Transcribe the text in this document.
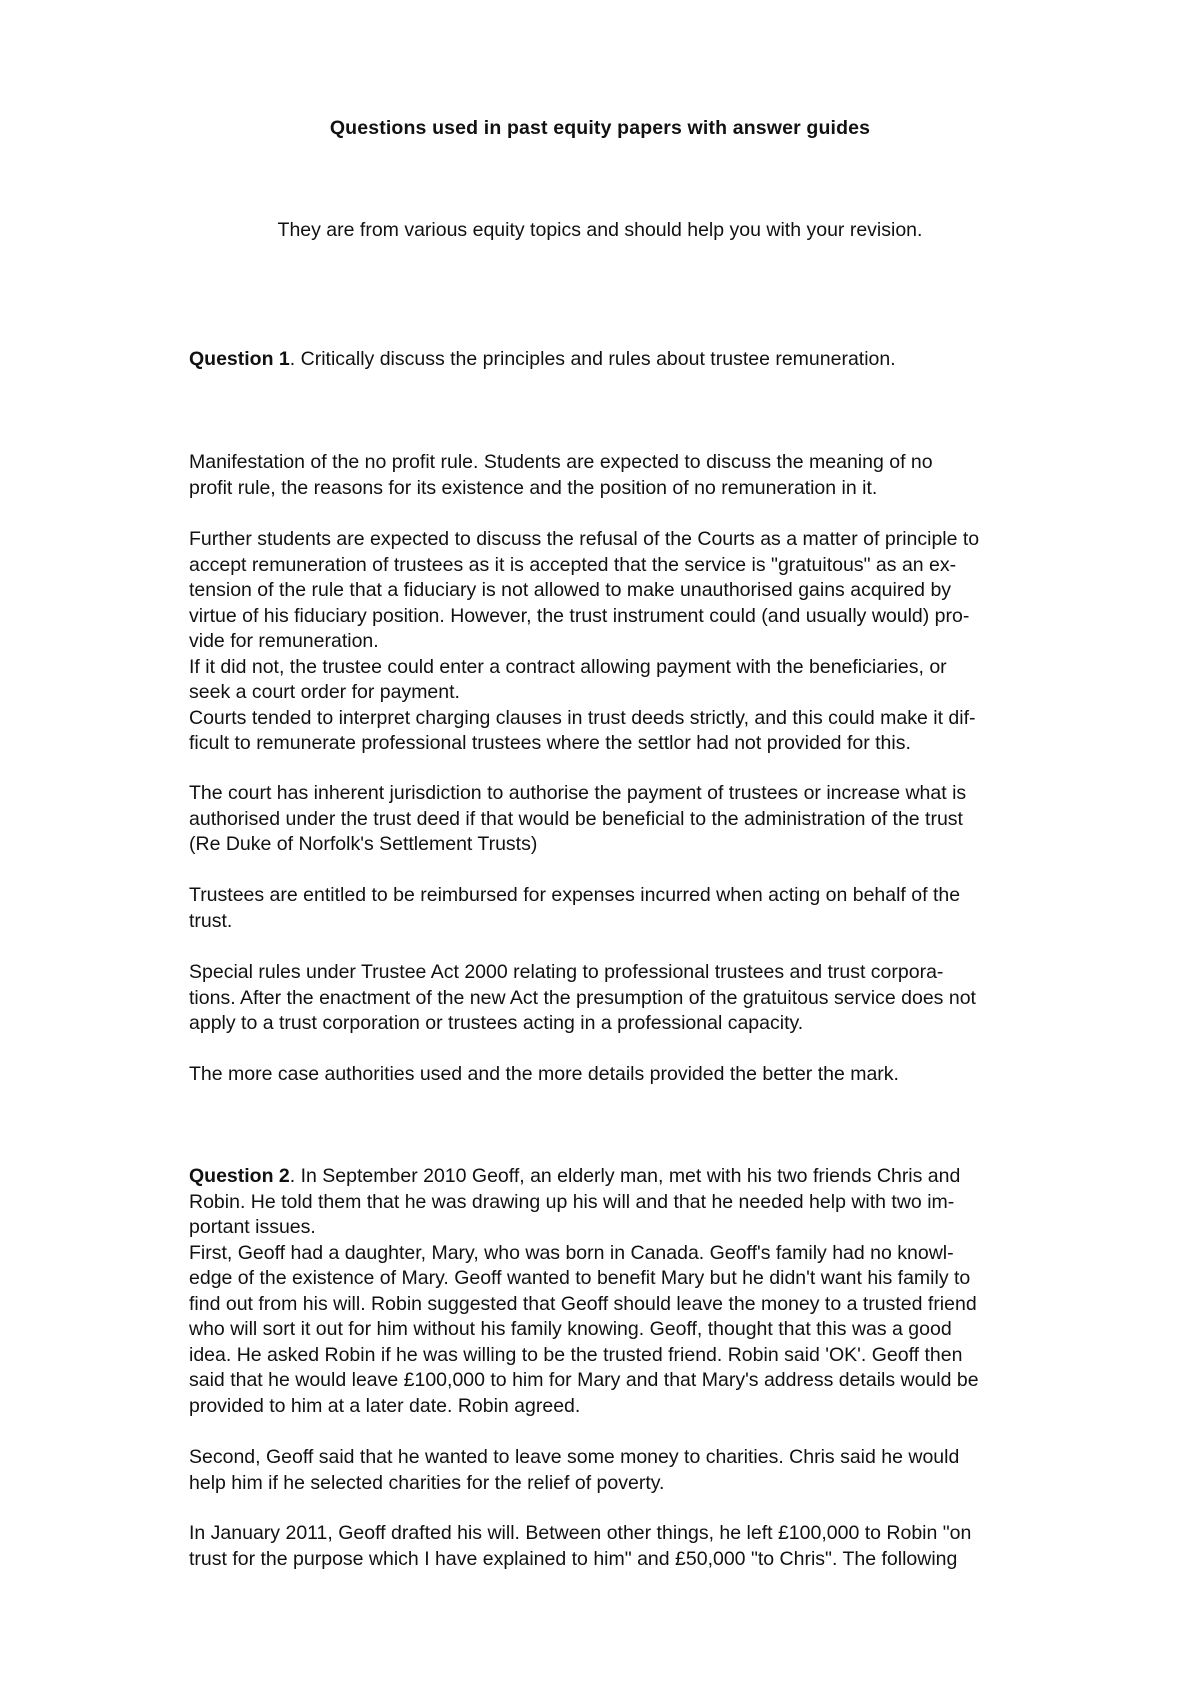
Questions used in past equity papers with answer guides

They are from various equity topics and should help you with your revision.

Question 1. Critically discuss the principles and rules about trustee remuneration.

Manifestation of the no profit rule. Students are expected to discuss the meaning of no
profit rule, the reasons for its existence and the position of no remuneration in it.
Further students are expected to discuss the refusal of the Courts as a matter of principle to
accept remuneration of trustees as it is accepted that the service is "gratuitous" as an ex-
tension of the rule that a fiduciary is not allowed to make unauthorised gains acquired by
virtue of his fiduciary position. However, the trust instrument could (and usually would) pro-
vide for remuneration.
If it did not, the trustee could enter a contract allowing payment with the beneficiaries, or
seek a court order for payment.
Courts tended to interpret charging clauses in trust deeds strictly, and this could make it dif-
ficult to remunerate professional trustees where the settlor had not provided for this.
The court has inherent jurisdiction to authorise the payment of trustees or increase what is
authorised under the trust deed if that would be beneficial to the administration of the trust
(Re Duke of Norfolk's Settlement Trusts)
Trustees are entitled to be reimbursed for expenses incurred when acting on behalf of the
trust.
Special rules under Trustee Act 2000 relating to professional trustees and trust corpora-
tions. After the enactment of the new Act the presumption of the gratuitous service does not
apply to a trust corporation or trustees acting in a professional capacity.
The more case authorities used and the more details provided the better the mark.
Question 2. In September 2010 Geoff, an elderly man, met with his two friends Chris and
Robin. He told them that he was drawing up his will and that he needed help with two im-
portant issues.
First, Geoff had a daughter, Mary, who was born in Canada. Geoff's family had no knowl-
edge of the existence of Mary. Geoff wanted to benefit Mary but he didn't want his family to
find out from his will. Robin suggested that Geoff should leave the money to a trusted friend
who will sort it out for him without his family knowing. Geoff, thought that this was a good
idea. He asked Robin if he was willing to be the trusted friend. Robin said 'OK'. Geoff then
said that he would leave £100,000 to him for Mary and that Mary's address details would be
provided to him at a later date. Robin agreed.
Second, Geoff said that he wanted to leave some money to charities. Chris said he would
help him if he selected charities for the relief of poverty.
In January 2011, Geoff drafted his will. Between other things, he left £100,000 to Robin "on
trust for the purpose which I have explained to him" and £50,000 "to Chris". The following
